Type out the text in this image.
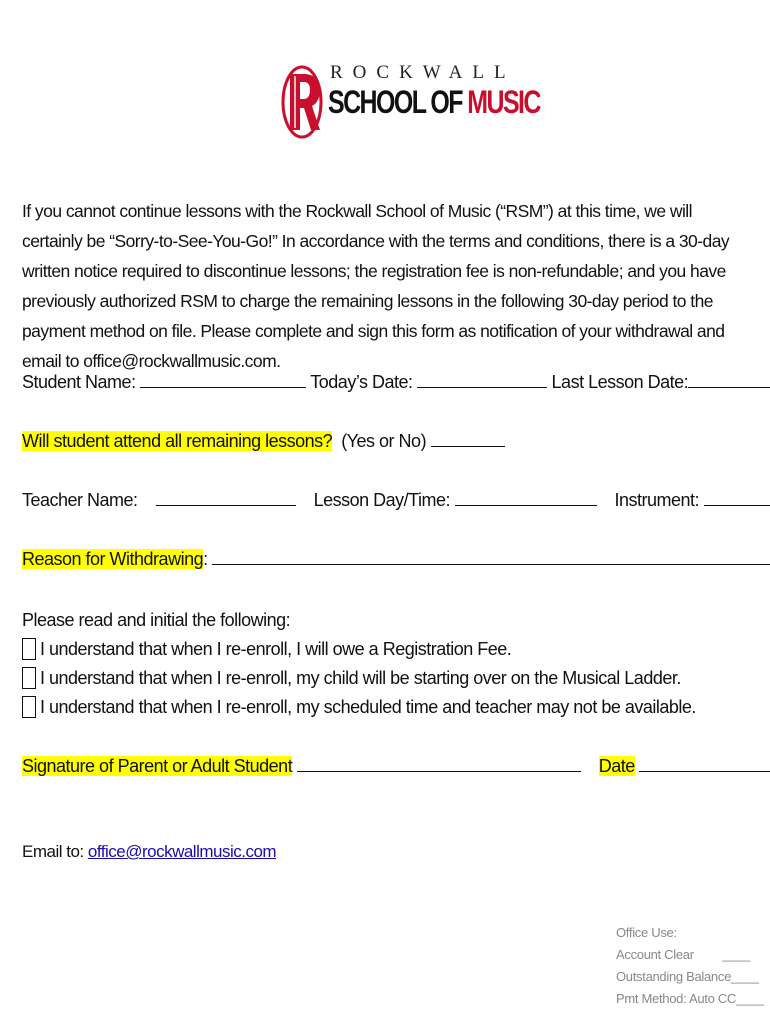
ROCKWALL
SCHOOL OF MUSIC
If you cannot continue lessons with the Rockwall School of Music (“RSM”) at this time, we will certainly be “Sorry-to-See-You-Go!” In accordance with the terms and conditions, there is a 30-day written notice required to discontinue lessons; the registration fee is non-refundable; and you have previously authorized RSM to charge the remaining lessons in the following 30-day period to the payment method on file. Please complete and sign this form as notification of your withdrawal and email to office@rockwallmusic.com.
Student Name:	Today’s Date:	Last Lesson Date:
Will student attend all remaining lessons? (Yes or No)
Teacher Name:	Lesson Day/Time:	Instrument:
Reason for Withdrawing:
Please read and initial the following:
I understand that when I re-enroll, I will owe a Registration Fee.
I understand that when I re-enroll, my child will be starting over on the Musical Ladder.
I understand that when I re-enroll, my scheduled time and teacher may not be available.
Signature of Parent or Adult Student	Date
Email to: office@rockwallmusic.com
Office Use:
Account Clear ____
Outstanding Balance ____
Pmt Method: Auto CC ____
